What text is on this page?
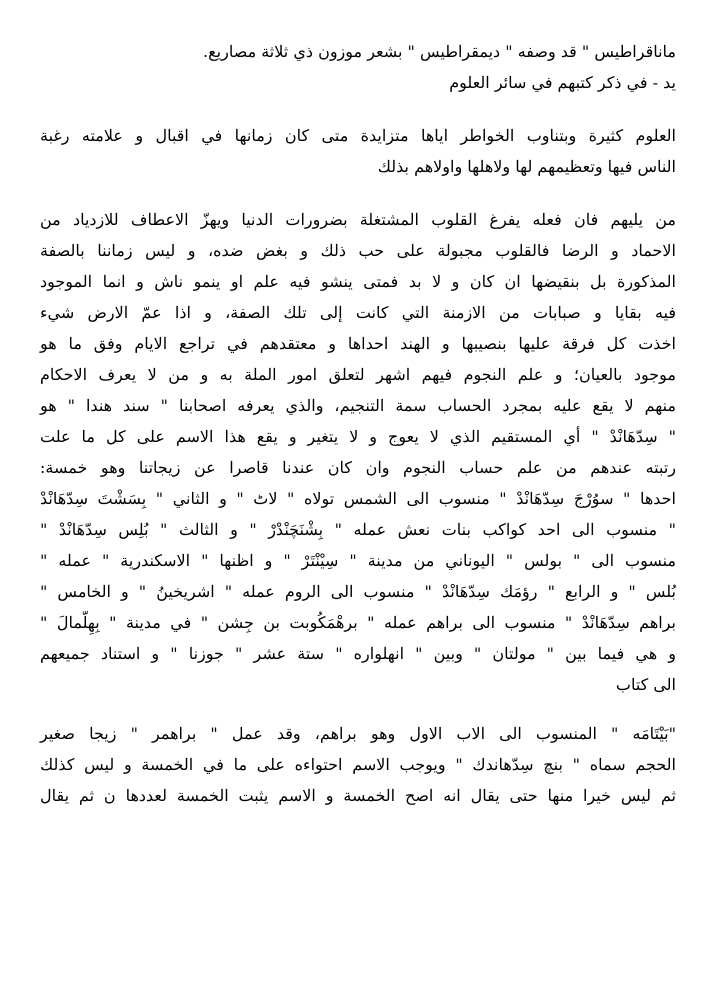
ماناقراطيس " قد وصفه " ديمقراطيس " بشعر موزون ذي ثلاثة مصاريع.
يد - في ذكر كتبهم في سائر العلوم
العلوم كثيرة وبتناوب الخواطر اياها متزايدة متى كان زمانها في اقبال و علامته رغبة
الناس فيها وتعظيمهم لها ولاهلها واولاهم بذلك
من يليهم فان فعله يفرغ القلوب المشتغلة بضرورات الدنيا ويهزّ الاعطاف للازدياد من
الاحماد و الرضا فالقلوب مجبولة على حب ذلك و بغض ضده، و ليس زماننا بالصفة
المذكورة بل بنقيضها ان كان و لا بد فمتى ينشو فيه علم او ينمو ناش و انما الموجود
فيه بقايا و صبابات من الازمنة التي كانت إلى تلك الصفة، و اذا عمّ الارض شيء
اخذت كل فرقة عليها بنصيبها و الهند احداها و معتقدهم في تراجع الايام وفق ما هو
موجود بالعيان؛ و علم النجوم فيهم اشهر لتعلق امور الملة به و من لا يعرف الاحكام
منهم لا يقع عليه بمجرد الحساب سمة التنجيم، والذي يعرفه اصحابنا " سند هندا " هو
" سِدّهَانْدْ " أي المستقيم الذي لا يعوج و لا يتغير و يقع هذا الاسم على كل ما علت
رتبته عندهم من علم حساب النجوم وان كان عندنا قاصرا عن زيجاتنا وهو خمسة:
احدها " سوُرْجَ سِدّهَانْدْ " منسوب الى الشمس تولاه " لاٹ " و الثاني " بِسَشْتَ سِدّهَانْدْ
" منسوب الى احد كواكب بنات نعش عمله " بِشْنَچَنْدْرْ " و الثالث " بُلِس سِدّهَانْدْ "
منسوب الى " بولس " اليوناني من مدينة " سِيْنْتَرْ " و اظنها " الاسكندرية " عمله "
بُلس " و الرابع " رؤمَك سِدّهَانْدْ " منسوب الى الروم عمله " اشريخينُ " و الخامس "
براهم سِدّهَانْدْ " منسوب الى براهم عمله " برهْمَكُوبت بن جِشن " في مدينة " بِهِلّمالَ "
و هي فيما بين " مولتان " وبين " انهلواره " ستة عشر " جوزنا " و استناد جميعهم
الى كتاب
"بَيْتَامَه " المنسوب الى الاب الاول وهو براهم، وقد عمل " براهمر " زيجا صغير
الحجم سماه " بنچ سِدّهاندك " ويوجب الاسم احتواءه على ما في الخمسة و ليس كذلك
ثم ليس خيرا منها حتى يقال انه اصح الخمسة و الاسم يثبت الخمسة لعددها ن ثم يقال
